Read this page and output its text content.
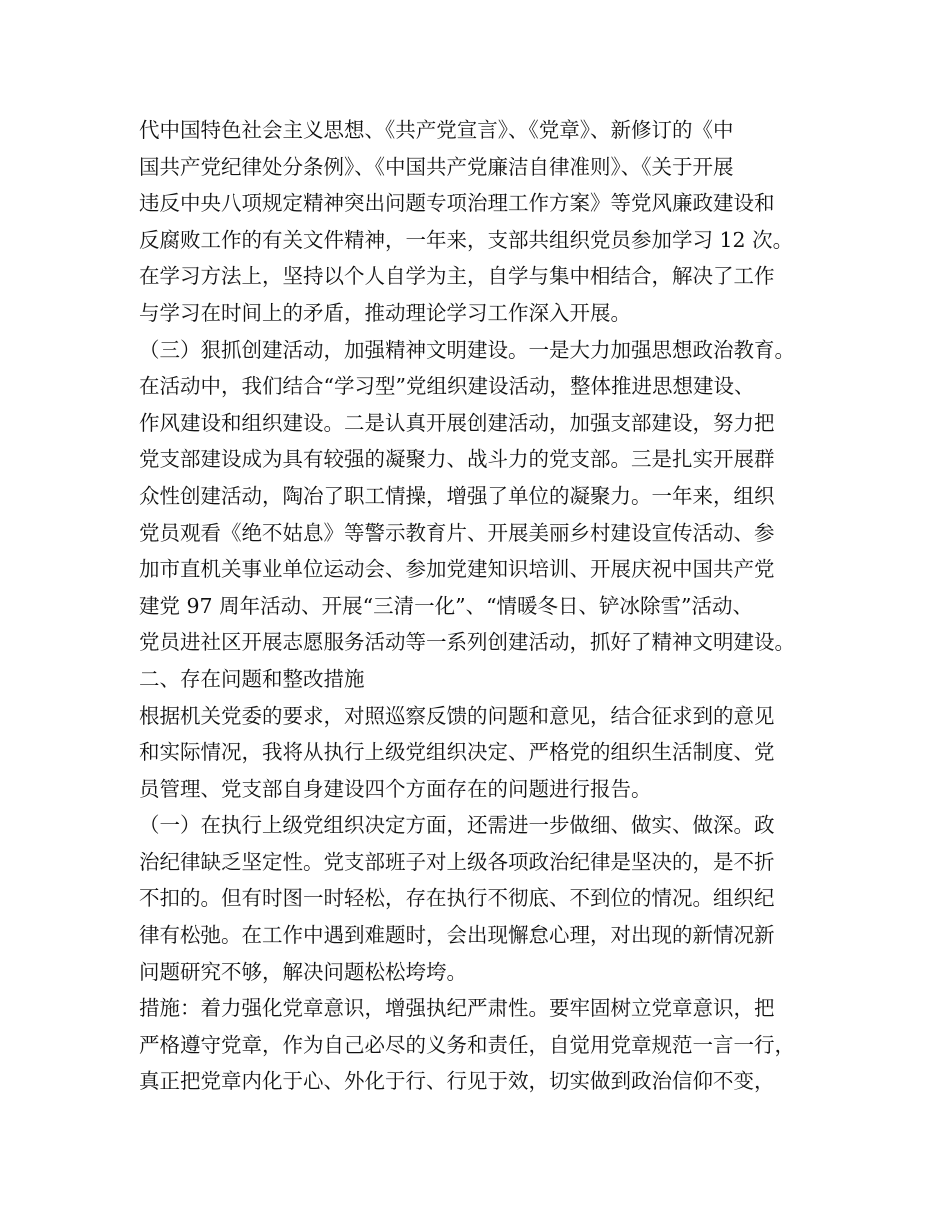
代中国特色社会主义思想、《共产党宣言》、《党章》、新修订的《中
国共产党纪律处分条例》、《中国共产党廉洁自律准则》、《关于开展
违反中央八项规定精神突出问题专项治理工作方案》等党风廉政建设和
反腐败工作的有关文件精神，一年来，支部共组织党员参加学习 12 次。
在学习方法上，坚持以个人自学为主，自学与集中相结合，解决了工作
与学习在时间上的矛盾，推动理论学习工作深入开展。
（三）狠抓创建活动，加强精神文明建设。一是大力加强思想政治教育。
在活动中，我们结合“学习型”党组织建设活动，整体推进思想建设、
作风建设和组织建设。二是认真开展创建活动，加强支部建设，努力把
党支部建设成为具有较强的凝聚力、战斗力的党支部。三是扎实开展群
众性创建活动，陶冶了职工情操，增强了单位的凝聚力。一年来，组织
党员观看《绝不姑息》等警示教育片、开展美丽乡村建设宣传活动、参
加市直机关事业单位运动会、参加党建知识培训、开展庆祝中国共产党
建党 97 周年活动、开展“三清一化”、“情暖冬日、铲冰除雪”活动、
党员进社区开展志愿服务活动等一系列创建活动，抓好了精神文明建设。
二、存在问题和整改措施
根据机关党委的要求，对照巡察反馈的问题和意见，结合征求到的意见
和实际情况，我将从执行上级党组织决定、严格党的组织生活制度、党
员管理、党支部自身建设四个方面存在的问题进行报告。
（一）在执行上级党组织决定方面，还需进一步做细、做实、做深。政
治纪律缺乏坚定性。党支部班子对上级各项政治纪律是坚决的，是不折
不扣的。但有时图一时轻松，存在执行不彻底、不到位的情况。组织纪
律有松弛。在工作中遇到难题时，会出现懈怠心理，对出现的新情况新
问题研究不够，解决问题松松垮垮。
措施：着力强化党章意识，增强执纪严肃性。要牢固树立党章意识，把
严格遵守党章，作为自己必尽的义务和责任，自觉用党章规范一言一行，
真正把党章内化于心、外化于行、行见于效，切实做到政治信仰不变，
